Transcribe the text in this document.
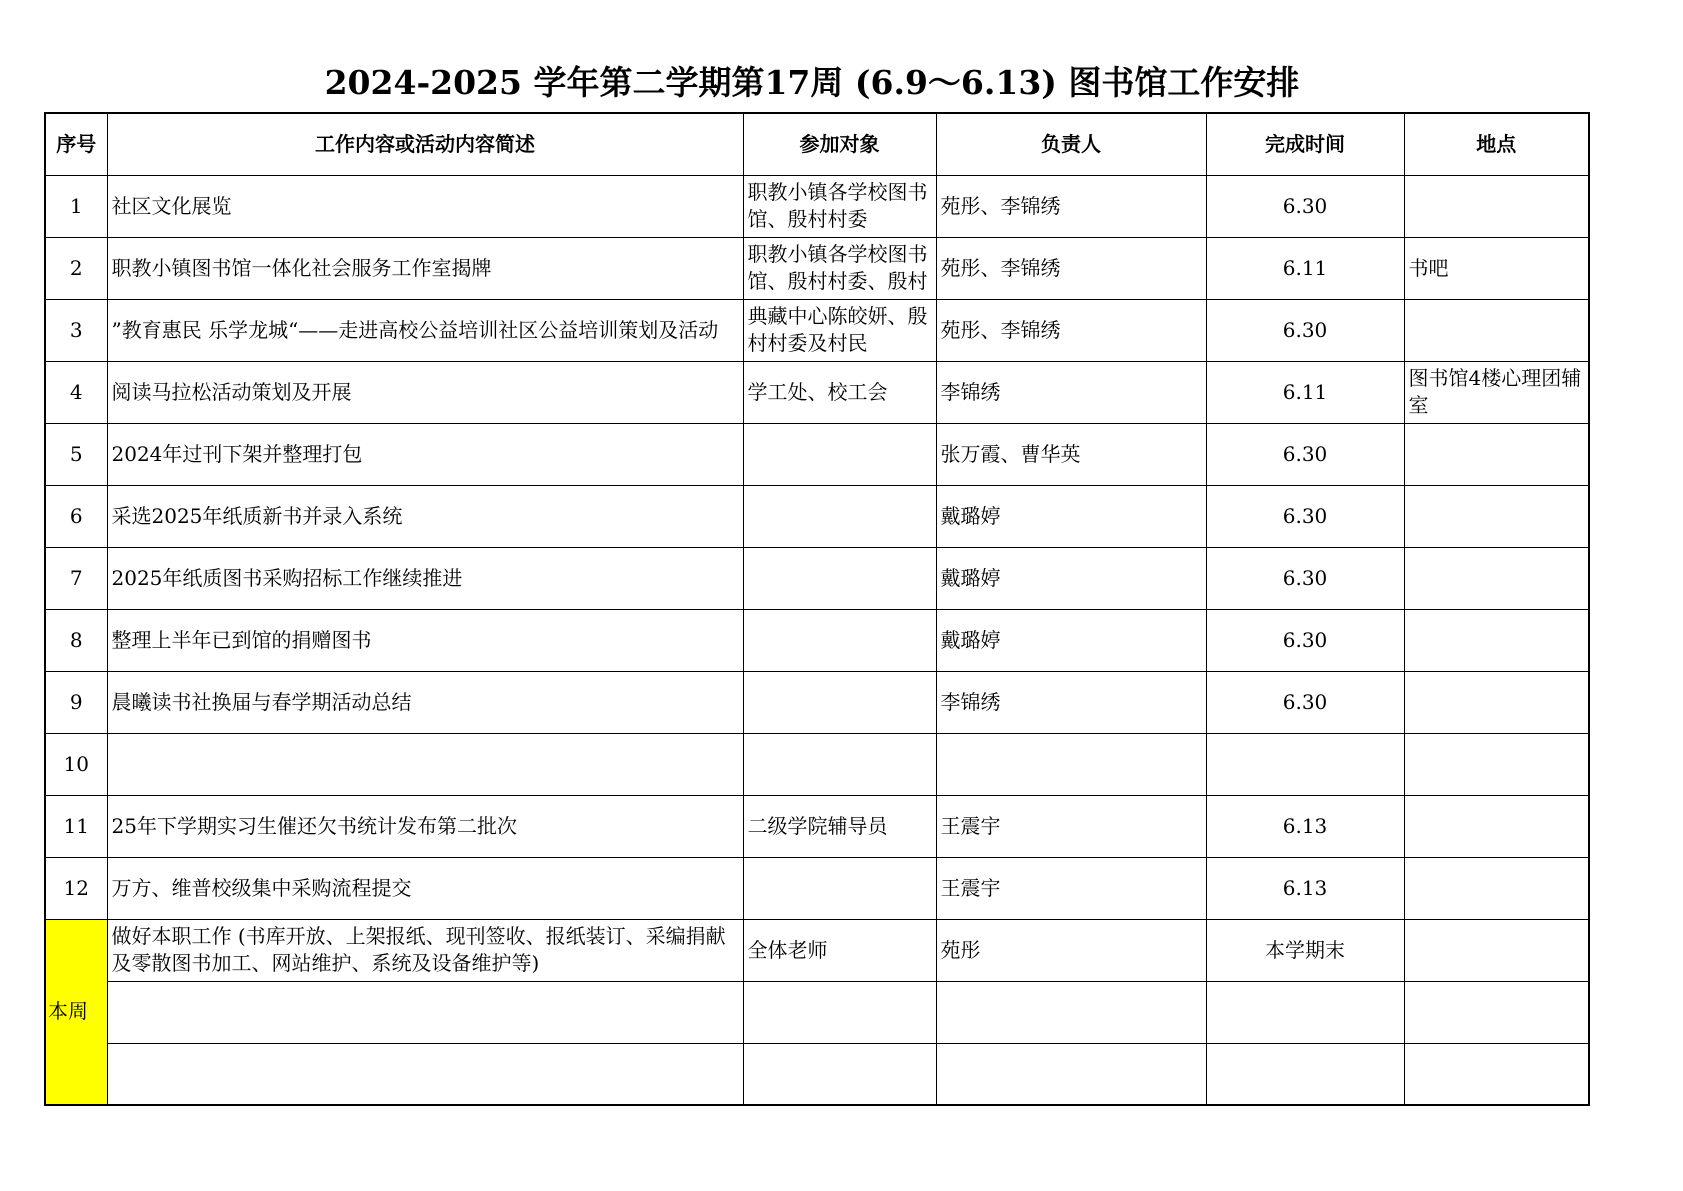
2024-2025 学年第二学期第17周 (6.9～6.13) 图书馆工作安排
序号	工作内容或活动内容简述	参加对象	负责人	完成时间	地点
1	社区文化展览	职教小镇各学校图书馆、殷村村委	苑彤、李锦绣	6.30	
2	职教小镇图书馆一体化社会服务工作室揭牌	职教小镇各学校图书馆、殷村村委、殷村	苑彤、李锦绣	6.11	书吧
3	”教育惠民 乐学龙城“——走进高校公益培训社区公益培训策划及活动	典藏中心陈皎妍、殷村村委及村民	苑彤、李锦绣	6.30	
4	阅读马拉松活动策划及开展	学工处、校工会	李锦绣	6.11	图书馆4楼心理团辅室
5	2024年过刊下架并整理打包		张万霞、曹华英	6.30	
6	采选2025年纸质新书并录入系统		戴璐婷	6.30	
7	2025年纸质图书采购招标工作继续推进		戴璐婷	6.30	
8	整理上半年已到馆的捐赠图书		戴璐婷	6.30	
9	晨曦读书社换届与春学期活动总结		李锦绣	6.30	
10					
11	25年下学期实习生催还欠书统计发布第二批次	二级学院辅导员	王震宇	6.13	
12	万方、维普校级集中采购流程提交		王震宇	6.13	
本周	做好本职工作 (书库开放、上架报纸、现刊签收、报纸装订、采编捐献及零散图书加工、网站维护、系统及设备维护等)	全体老师	苑彤	本学期末	
